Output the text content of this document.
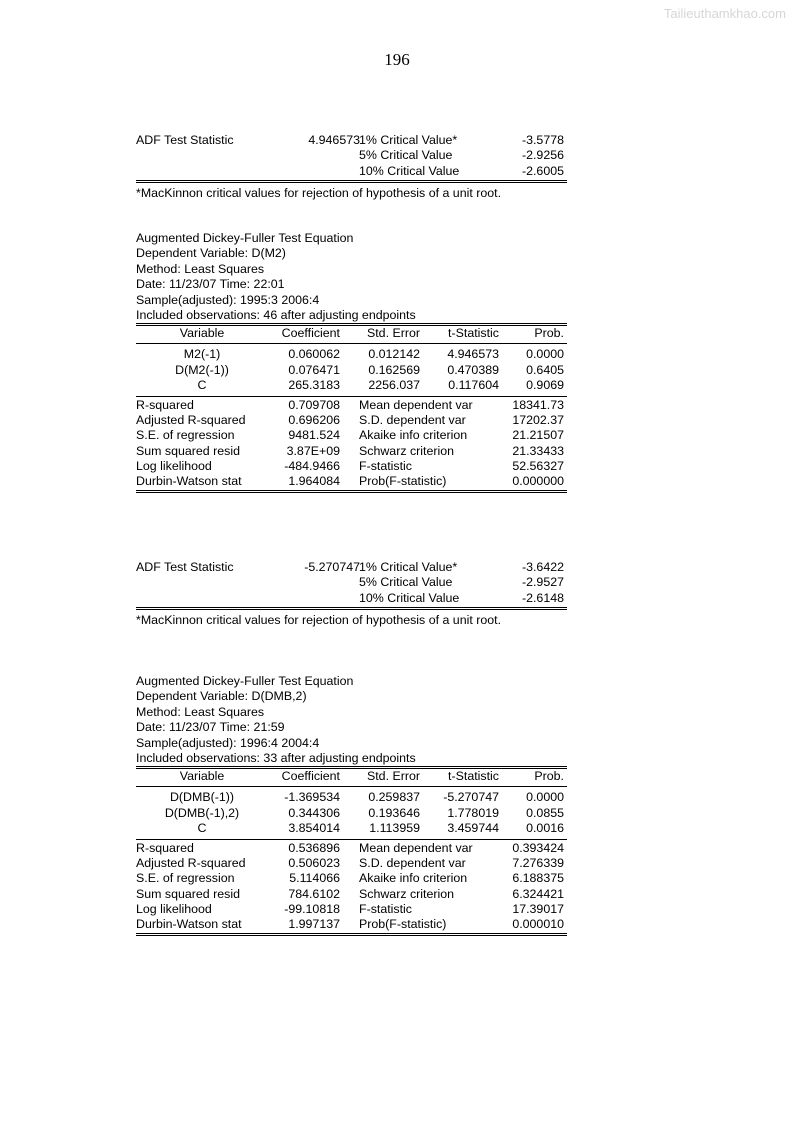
Tailieuthamkhao.com
196
ADF Test Statistic	4.946573 1% Critical Value*	-3.5778
5% Critical Value	-2.9256
10% Critical Value	-2.6005
*MacKinnon critical values for rejection of hypothesis of a unit root.
Augmented Dickey-Fuller Test Equation
Dependent Variable: D(M2)
Method: Least Squares
Date: 11/23/07 Time: 22:01
Sample(adjusted): 1995:3 2006:4
Included observations: 46 after adjusting endpoints
Variable	Coefficient	Std. Error	t-Statistic	Prob.
M2(-1)	0.060062	0.012142	4.946573	0.0000
D(M2(-1))	0.076471	0.162569	0.470389	0.6405
C	265.3183	2256.037	0.117604	0.9069
R-squared	0.709708 Mean dependent var	18341.73
Adjusted R-squared	0.696206 S.D. dependent var	17202.37
S.E. of regression	9481.524 Akaike info criterion	21.21507
Sum squared resid	3.87E+09 Schwarz criterion	21.33433
Log likelihood	-484.9466 F-statistic	52.56327
Durbin-Watson stat	1.964084 Prob(F-statistic)	0.000000
ADF Test Statistic	-5.270747 1% Critical Value*	-3.6422
5% Critical Value	-2.9527
10% Critical Value	-2.6148
*MacKinnon critical values for rejection of hypothesis of a unit root.
Augmented Dickey-Fuller Test Equation
Dependent Variable: D(DMB,2)
Method: Least Squares
Date: 11/23/07 Time: 21:59
Sample(adjusted): 1996:4 2004:4
Included observations: 33 after adjusting endpoints
Variable	Coefficient	Std. Error	t-Statistic	Prob.
D(DMB(-1))	-1.369534	0.259837	-5.270747	0.0000
D(DMB(-1),2)	0.344306	0.193646	1.778019	0.0855
C	3.854014	1.113959	3.459744	0.0016
R-squared	0.536896 Mean dependent var	0.393424
Adjusted R-squared	0.506023 S.D. dependent var	7.276339
S.E. of regression	5.114066 Akaike info criterion	6.188375
Sum squared resid	784.6102 Schwarz criterion	6.324421
Log likelihood	-99.10818 F-statistic	17.39017
Durbin-Watson stat	1.997137 Prob(F-statistic)	0.000010
